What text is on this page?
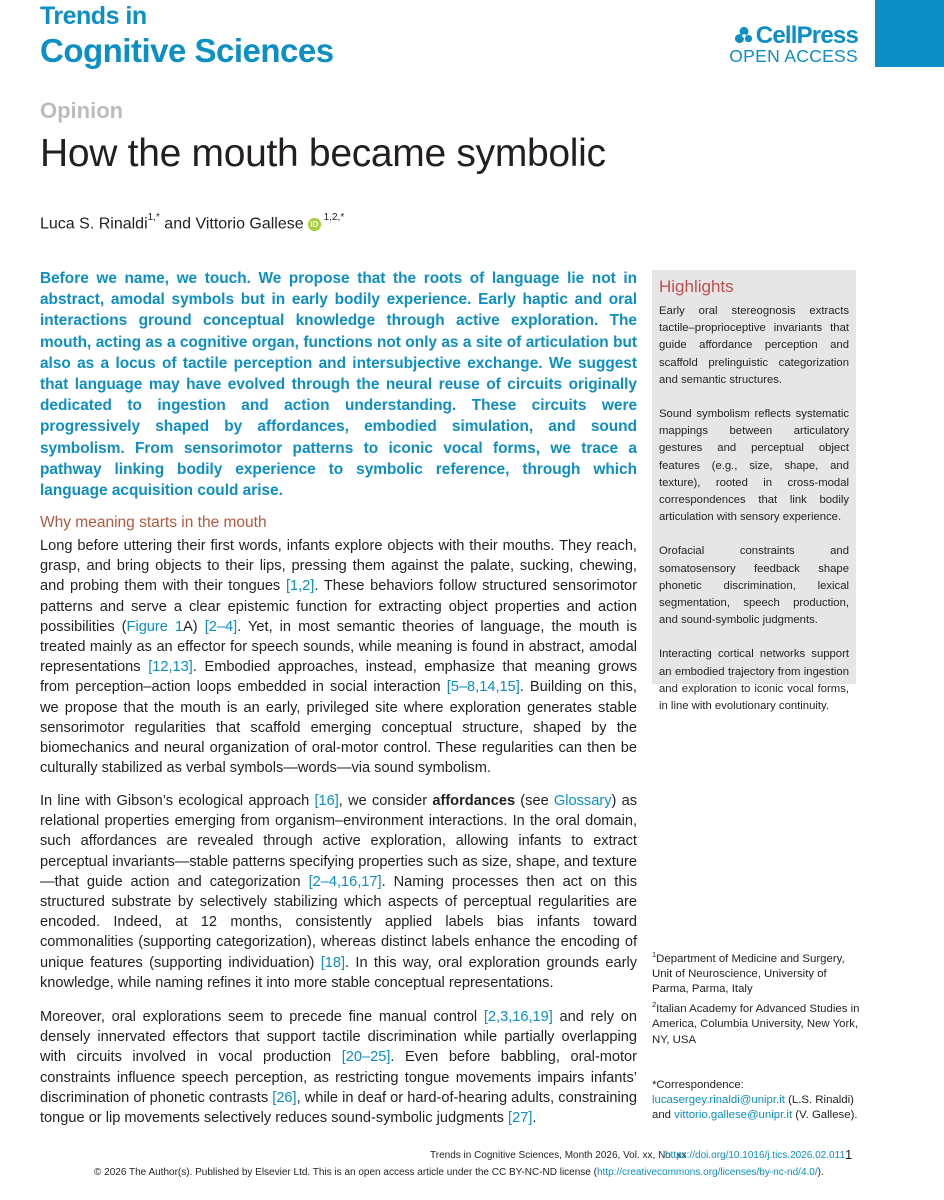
Trends in
Cognitive Sciences	CellPress
OPEN ACCESS
Opinion
How the mouth became symbolic
Luca S. Rinaldi$^{1,*}$ and Vittorio Gallese $iD^{1,2,*}$
Before we name, we touch. We propose that the roots of language lie not in abstract, amodal symbols but in early bodily experience. Early haptic and oral interactions ground conceptual knowledge through active exploration. The mouth, acting as a cognitive organ, functions not only as a site of articulation but also as a locus of tactile perception and intersubjective exchange. We suggest that language may have evolved through the neural reuse of circuits originally dedicated to ingestion and action understanding. These circuits were progressively shaped by affordances, embodied simulation, and sound symbolism. From sensorimotor patterns to iconic vocal forms, we trace a pathway linking bodily experience to symbolic reference, through which language acquisition could arise.
Highlights

Early oral stereognosis extracts tactile–proprioceptive invariants that guide affordance perception and scaffold prelinguistic categorization and semantic structures.

Sound symbolism reflects systematic mappings between articulatory gestures and perceptual object features (e.g., size, shape, and texture), rooted in cross-modal correspondences that link bodily articulation with sensory experience.

Orofacial constraints and somatosensory feedback shape phonetic discrimination, lexical segmentation, speech production, and sound-symbolic judgments.

Interacting cortical networks support an embodied trajectory from ingestion and exploration to iconic vocal forms, in line with evolutionary continuity.

Why meaning starts in the mouth
Long before uttering their first words, infants explore objects with their mouths. They reach, grasp, and bring objects to their lips, pressing them against the palate, sucking, chewing, and probing them with their tongues [1,2]. These behaviors follow structured sensorimotor patterns and serve a clear epistemic function for extracting object properties and action possibilities (Figure 1A) [2–4]. Yet, in most semantic theories of language, the mouth is treated mainly as an effector for speech sounds, while meaning is found in abstract, amodal representations [12,13]. Embodied approaches, instead, emphasize that meaning grows from perception–action loops embedded in social interaction [5–8,14,15]. Building on this, we propose that the mouth is an early, privileged site where exploration generates stable sensorimotor regularities that scaffold emerging conceptual structure, shaped by the biomechanics and neural organization of oral-motor control. These regularities can then be culturally stabilized as verbal symbols—words—via sound symbolism.
In line with Gibson’s ecological approach [16], we consider affordances (see Glossary) as relational properties emerging from organism–environment interactions. In the oral domain, such affordances are revealed through active exploration, allowing infants to extract perceptual invariants—stable patterns specifying properties such as size, shape, and texture—that guide action and categorization [2–4,16,17]. Naming processes then act on this structured substrate by selectively stabilizing which aspects of perceptual regularities are encoded. Indeed, at 12 months, consistently applied labels bias infants toward commonalities (supporting categorization), whereas distinct labels enhance the encoding of unique features (supporting individuation) [18]. In this way, oral exploration grounds early knowledge, while naming refines it into more stable conceptual representations.
Moreover, oral explorations seem to precede fine manual control [2,3,16,19] and rely on densely innervated effectors that support tactile discrimination while partially overlapping with circuits involved in vocal production [20–25]. Even before babbling, oral-motor constraints influence speech perception, as restricting tongue movements impairs infants’ discrimination of phonetic contrasts [26], while in deaf or hard-of-hearing adults, constraining tongue or lip movements selectively reduces sound-symbolic judgments [27].

$^1$Department of Medicine and Surgery, Unit of Neuroscience, University of Parma, Parma, Italy

$^2$Italian Academy for Advanced Studies in America, Columbia University, New York, NY, USA

*Correspondence:

lucasergey.rinaldi@unipr.it (L.S. Rinaldi)

and vittorio.gallese@unipr.it (V. Gallese).

Trends in Cognitive Sciences, Month 2026, Vol. xx, No. xx
https://doi.org/10.1016/j.tics.2026.02.011 1
© 2026 The Author(s). Published by Elsevier Ltd. This is an open access article under the CC BY-NC-ND license (http://creativecommons.org/licenses/by-nc-nd/4.0/).
